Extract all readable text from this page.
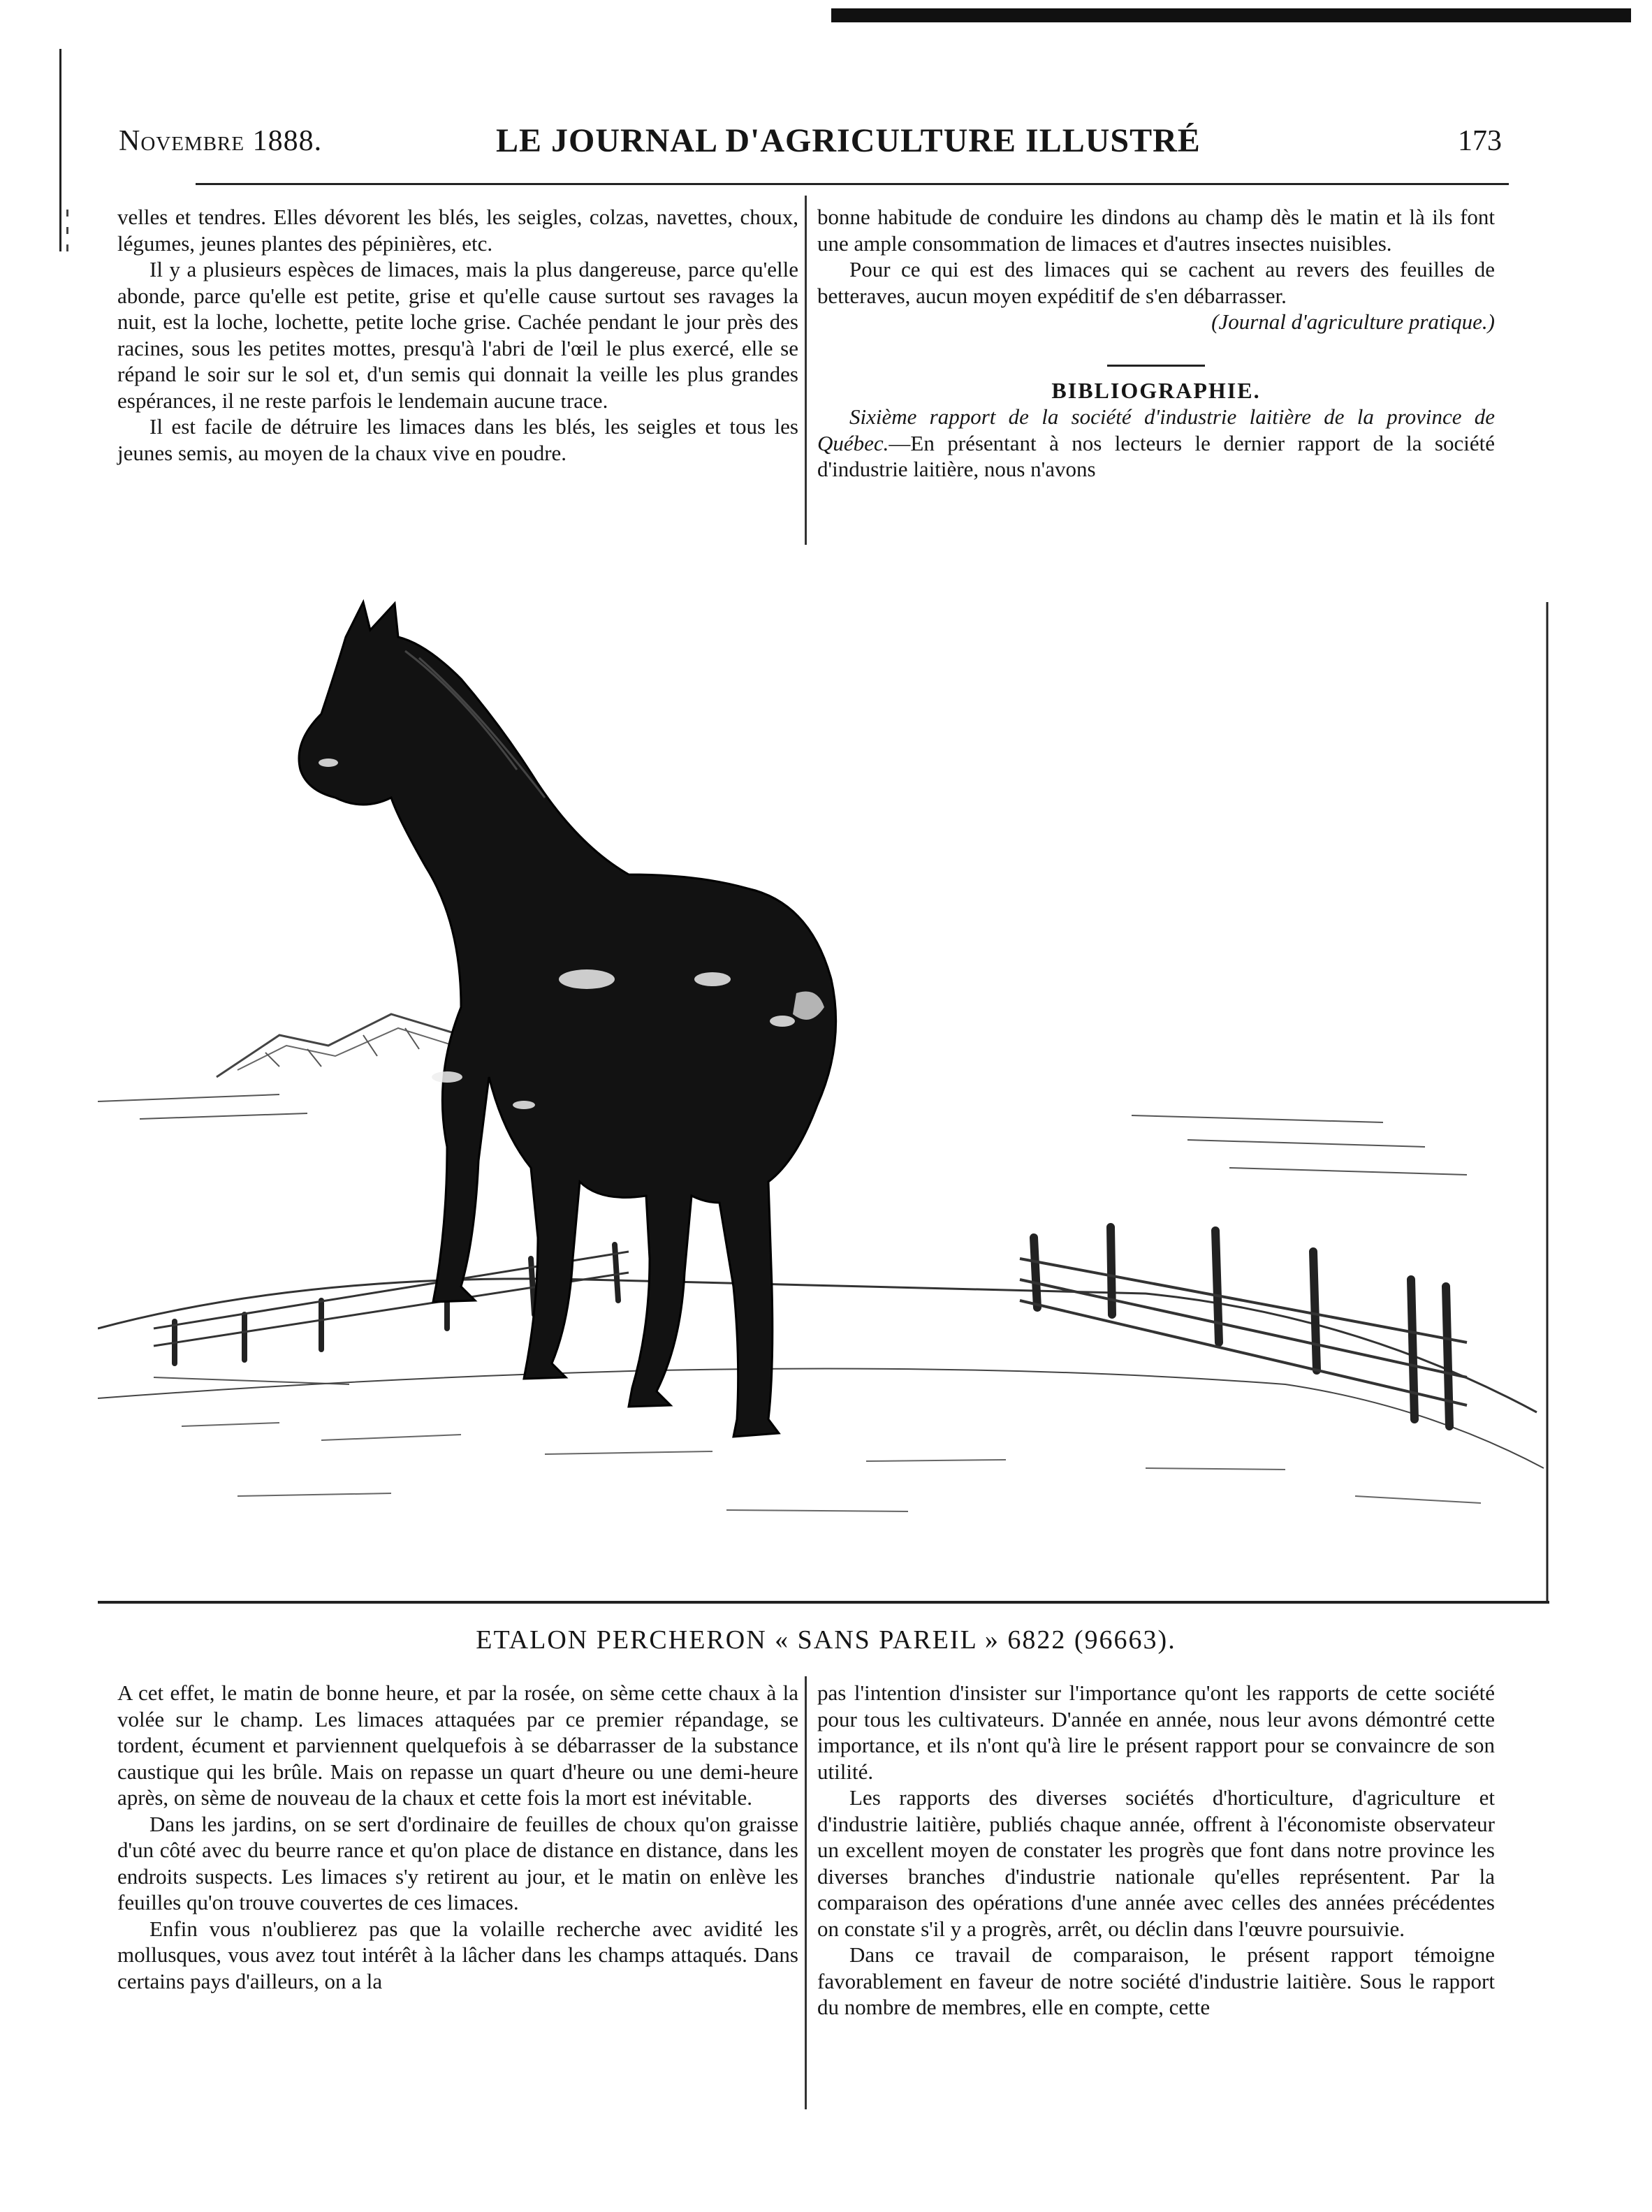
Novembre 1888.	LE JOURNAL D'AGRICULTURE ILLUSTRÉ	173

velles et tendres. Elles dévorent les blés, les seigles, colzas, navettes, choux, légumes, jeunes plantes des pépinières, etc.

Il y a plusieurs espèces de limaces, mais la plus dangereuse, parce qu'elle abonde, parce qu'elle est petite, grise et qu'elle cause surtout ses ravages la nuit, est la loche, lochette, petite loche grise. Cachée pendant le jour près des racines, sous les petites mottes, presqu'à l'abri de l'œil le plus exercé, elle se répand le soir sur le sol et, d'un semis qui donnait la veille les plus grandes espérances, il ne reste parfois le lendemain aucune trace.

Il est facile de détruire les limaces dans les blés, les seigles et tous les jeunes semis, au moyen de la chaux vive en poudre.

bonne habitude de conduire les dindons au champ dès le matin et là ils font une ample consommation de limaces et d'autres insectes nuisibles.

Pour ce qui est des limaces qui se cachent au revers des feuilles de betteraves, aucun moyen expéditif de s'en débarrasser.

(Journal d'agriculture pratique.)

BIBLIOGRAPHIE.

Sixième rapport de la société d'industrie laitière de la province de Québec.—En présentant à nos lecteurs le dernier rapport de la société d'industrie laitière, nous n'avons

ETALON PERCHERON « SANS PAREIL » 6822 (96663).

A cet effet, le matin de bonne heure, et par la rosée, on sème cette chaux à la volée sur le champ. Les limaces attaquées par ce premier répandage, se tordent, écument et parviennent quelquefois à se débarrasser de la substance caustique qui les brûle. Mais on repasse un quart d'heure ou une demi-heure après, on sème de nouveau de la chaux et cette fois la mort est inévitable.

Dans les jardins, on se sert d'ordinaire de feuilles de choux qu'on graisse d'un côté avec du beurre rance et qu'on place de distance en distance, dans les endroits suspects. Les limaces s'y retirent au jour, et le matin on enlève les feuilles qu'on trouve couvertes de ces limaces.

Enfin vous n'oublierez pas que la volaille recherche avec avidité les mollusques, vous avez tout intérêt à la lâcher dans les champs attaqués. Dans certains pays d'ailleurs, on a la

pas l'intention d'insister sur l'importance qu'ont les rapports de cette société pour tous les cultivateurs. D'année en année, nous leur avons démontré cette importance, et ils n'ont qu'à lire le présent rapport pour se convaincre de son utilité.

Les rapports des diverses sociétés d'horticulture, d'agriculture et d'industrie laitière, publiés chaque année, offrent à l'économiste observateur un excellent moyen de constater les progrès que font dans notre province les diverses branches d'industrie nationale qu'elles représentent. Par la comparaison des opérations d'une année avec celles des années précédentes on constate s'il y a progrès, arrêt, ou déclin dans l'œuvre poursuivie.

Dans ce travail de comparaison, le présent rapport témoigne favorablement en faveur de notre société d'industrie laitière. Sous le rapport du nombre de membres, elle en compte, cette
